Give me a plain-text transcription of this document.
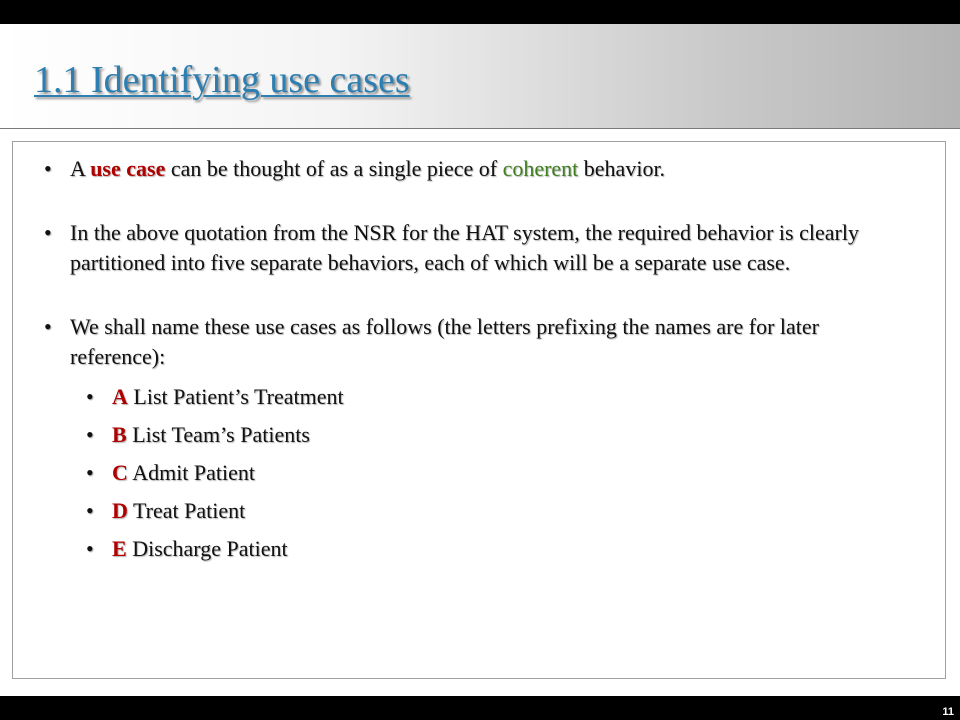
1.1 Identifying use cases
• A use case can be thought of as a single piece of coherent behavior.
• In the above quotation from the NSR for the HAT system, the required behavior is clearly partitioned into five separate behaviors, each of which will be a separate use case.
• We shall name these use cases as follows (the letters prefixing the names are for later reference):
• A List Patient’s Treatment
• B List Team’s Patients
• C Admit Patient
• D Treat Patient
• E Discharge Patient
11
